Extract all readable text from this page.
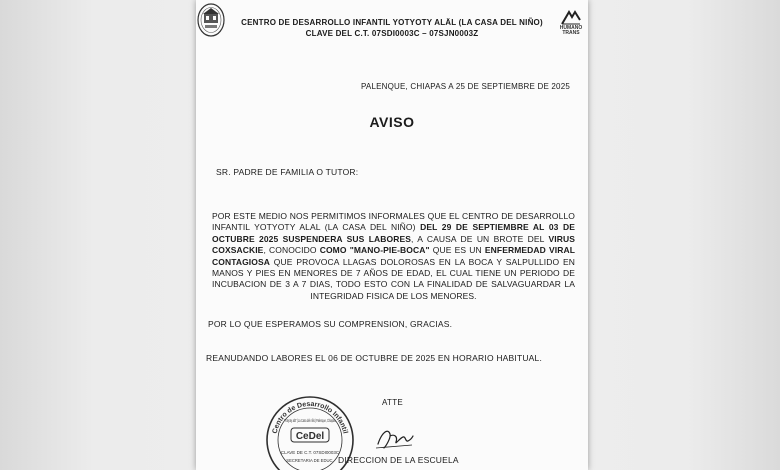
CENTRO DE DESARROLLO INFANTIL YOTYOTY ALÄL (LA CASA DEL NIÑO)
CLAVE DEL C.T. 07SDI0003C – 07SJN0003Z
HUMANO
TRANS
PALENQUE, CHIAPAS A 25 DE SEPTIEMBRE DE 2025
AVISO
SR. PADRE DE FAMILIA O TUTOR:
POR ESTE MEDIO NOS PERMITIMOS INFORMALES QUE EL CENTRO DE DESARROLLO INFANTIL YOTYOTY ALAL (LA CASA DEL NIÑO) DEL 29 DE SEPTIEMBRE AL 03 DE OCTUBRE 2025 SUSPENDERA SUS LABORES, A CAUSA DE UN BROTE DEL VIRUS COXSACKIE, CONOCIDO COMO "MANO-PIE-BOCA" QUE ES UN ENFERMEDAD VIRAL CONTAGIOSA QUE PROVOCA LLAGAS DOLOROSAS EN LA BOCA Y SALPULLIDO EN MANOS Y PIES EN MENORES DE 7 AÑOS DE EDAD, EL CUAL TIENE UN PERIODO DE INCUBACION DE 3 A 7 DIAS, TODO ESTO CON LA FINALIDAD DE SALVAGUARDAR LA INTEGRIDAD FISICA DE LOS MENORES.
POR LO QUE ESPERAMOS SU COMPRENSION, GRACIAS.
REANUDANDO LABORES EL 06 DE OCTUBRE DE 2025 EN HORARIO HABITUAL.
Centro de Desarrollo Infantil
"Yotyoty alä" (La Casa del niño) Palenque, Chiapas.
CeDel
CLAVE DE C.T. 07SDI0003C
SECRETARIA DE EDUC.
ATTE
DIRECCION DE LA ESCUELA
